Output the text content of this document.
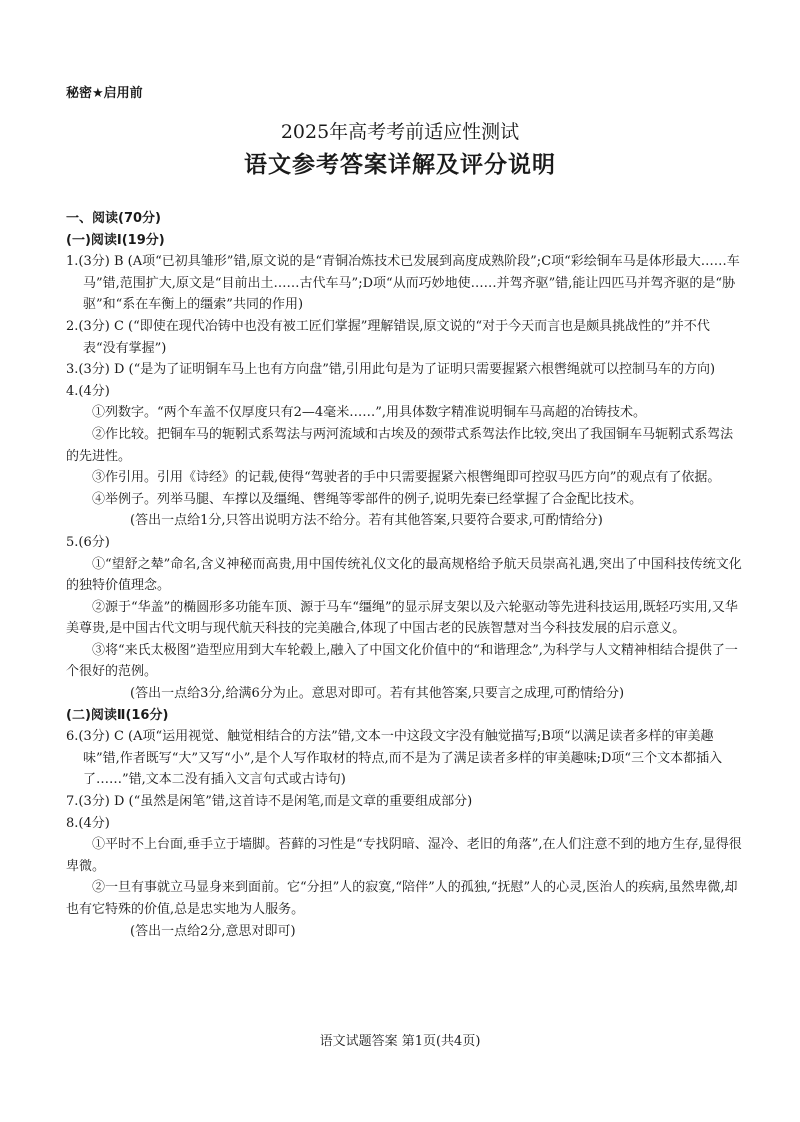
秘密★启用前
2025年高考考前适应性测试
语文参考答案详解及评分说明

一、阅读(70分)

(一)阅读Ⅰ(19分)

1.(3分) B (A项“已初具雏形”错,原文说的是“青铜冶炼技术已发展到高度成熟阶段”;C项“彩绘铜车马是体形最大……车马”错,范围扩大,原文是“目前出土……古代车马”;D项“从而巧妙地使……并驾齐驱”错,能让四匹马并驾齐驱的是“胁驱”和“系在车衡上的缰索”共同的作用)

2.(3分) C (“即使在现代冶铸中也没有被工匠们掌握”理解错误,原文说的“对于今天而言也是颇具挑战性的”并不代表“没有掌握”)

3.(3分) D (“是为了证明铜车马上也有方向盘”错,引用此句是为了证明只需要握紧六根辔绳就可以控制马车的方向)

4.(4分)

①列数字。“两个车盖不仅厚度只有2—4毫米……”,用具体数字精准说明铜车马高超的冶铸技术。

②作比较。把铜车马的轭靷式系驾法与两河流域和古埃及的颈带式系驾法作比较,突出了我国铜车马轭靷式系驾法的先进性。

③作引用。引用《诗经》的记载,使得“驾驶者的手中只需要握紧六根辔绳即可控驭马匹方向”的观点有了依据。

④举例子。列举马腿、车撑以及缰绳、辔绳等零部件的例子,说明先秦已经掌握了合金配比技术。

(答出一点给1分,只答出说明方法不给分。若有其他答案,只要符合要求,可酌情给分)

5.(6分)

①“望舒之辇”命名,含义神秘而高贵,用中国传统礼仪文化的最高规格给予航天员崇高礼遇,突出了中国科技传统文化的独特价值理念。

②源于“华盖”的椭圆形多功能车顶、源于马车“缰绳”的显示屏支架以及六轮驱动等先进科技运用,既轻巧实用,又华美尊贵,是中国古代文明与现代航天科技的完美融合,体现了中国古老的民族智慧对当今科技发展的启示意义。

③将“来氏太极图”造型应用到大车轮毂上,融入了中国文化价值中的“和谐理念”,为科学与人文精神相结合提供了一个很好的范例。

(答出一点给3分,给满6分为止。意思对即可。若有其他答案,只要言之成理,可酌情给分)

(二)阅读Ⅱ(16分)

6.(3分) C (A项“运用视觉、触觉相结合的方法”错,文本一中这段文字没有触觉描写;B项“以满足读者多样的审美趣味”错,作者既写“大”又写“小”,是个人写作取材的特点,而不是为了满足读者多样的审美趣味;D项“三个文本都插入了……”错,文本二没有插入文言句式或古诗句)

7.(3分) D (“虽然是闲笔”错,这首诗不是闲笔,而是文章的重要组成部分)

8.(4分)

①平时不上台面,垂手立于墙脚。苔藓的习性是“专找阴暗、湿冷、老旧的角落”,在人们注意不到的地方生存,显得很卑微。

②一旦有事就立马显身来到面前。它“分担”人的寂寞,“陪伴”人的孤独,“抚慰”人的心灵,医治人的疾病,虽然卑微,却也有它特殊的价值,总是忠实地为人服务。

(答出一点给2分,意思对即可)

语文试题答案 第1页(共4页)
